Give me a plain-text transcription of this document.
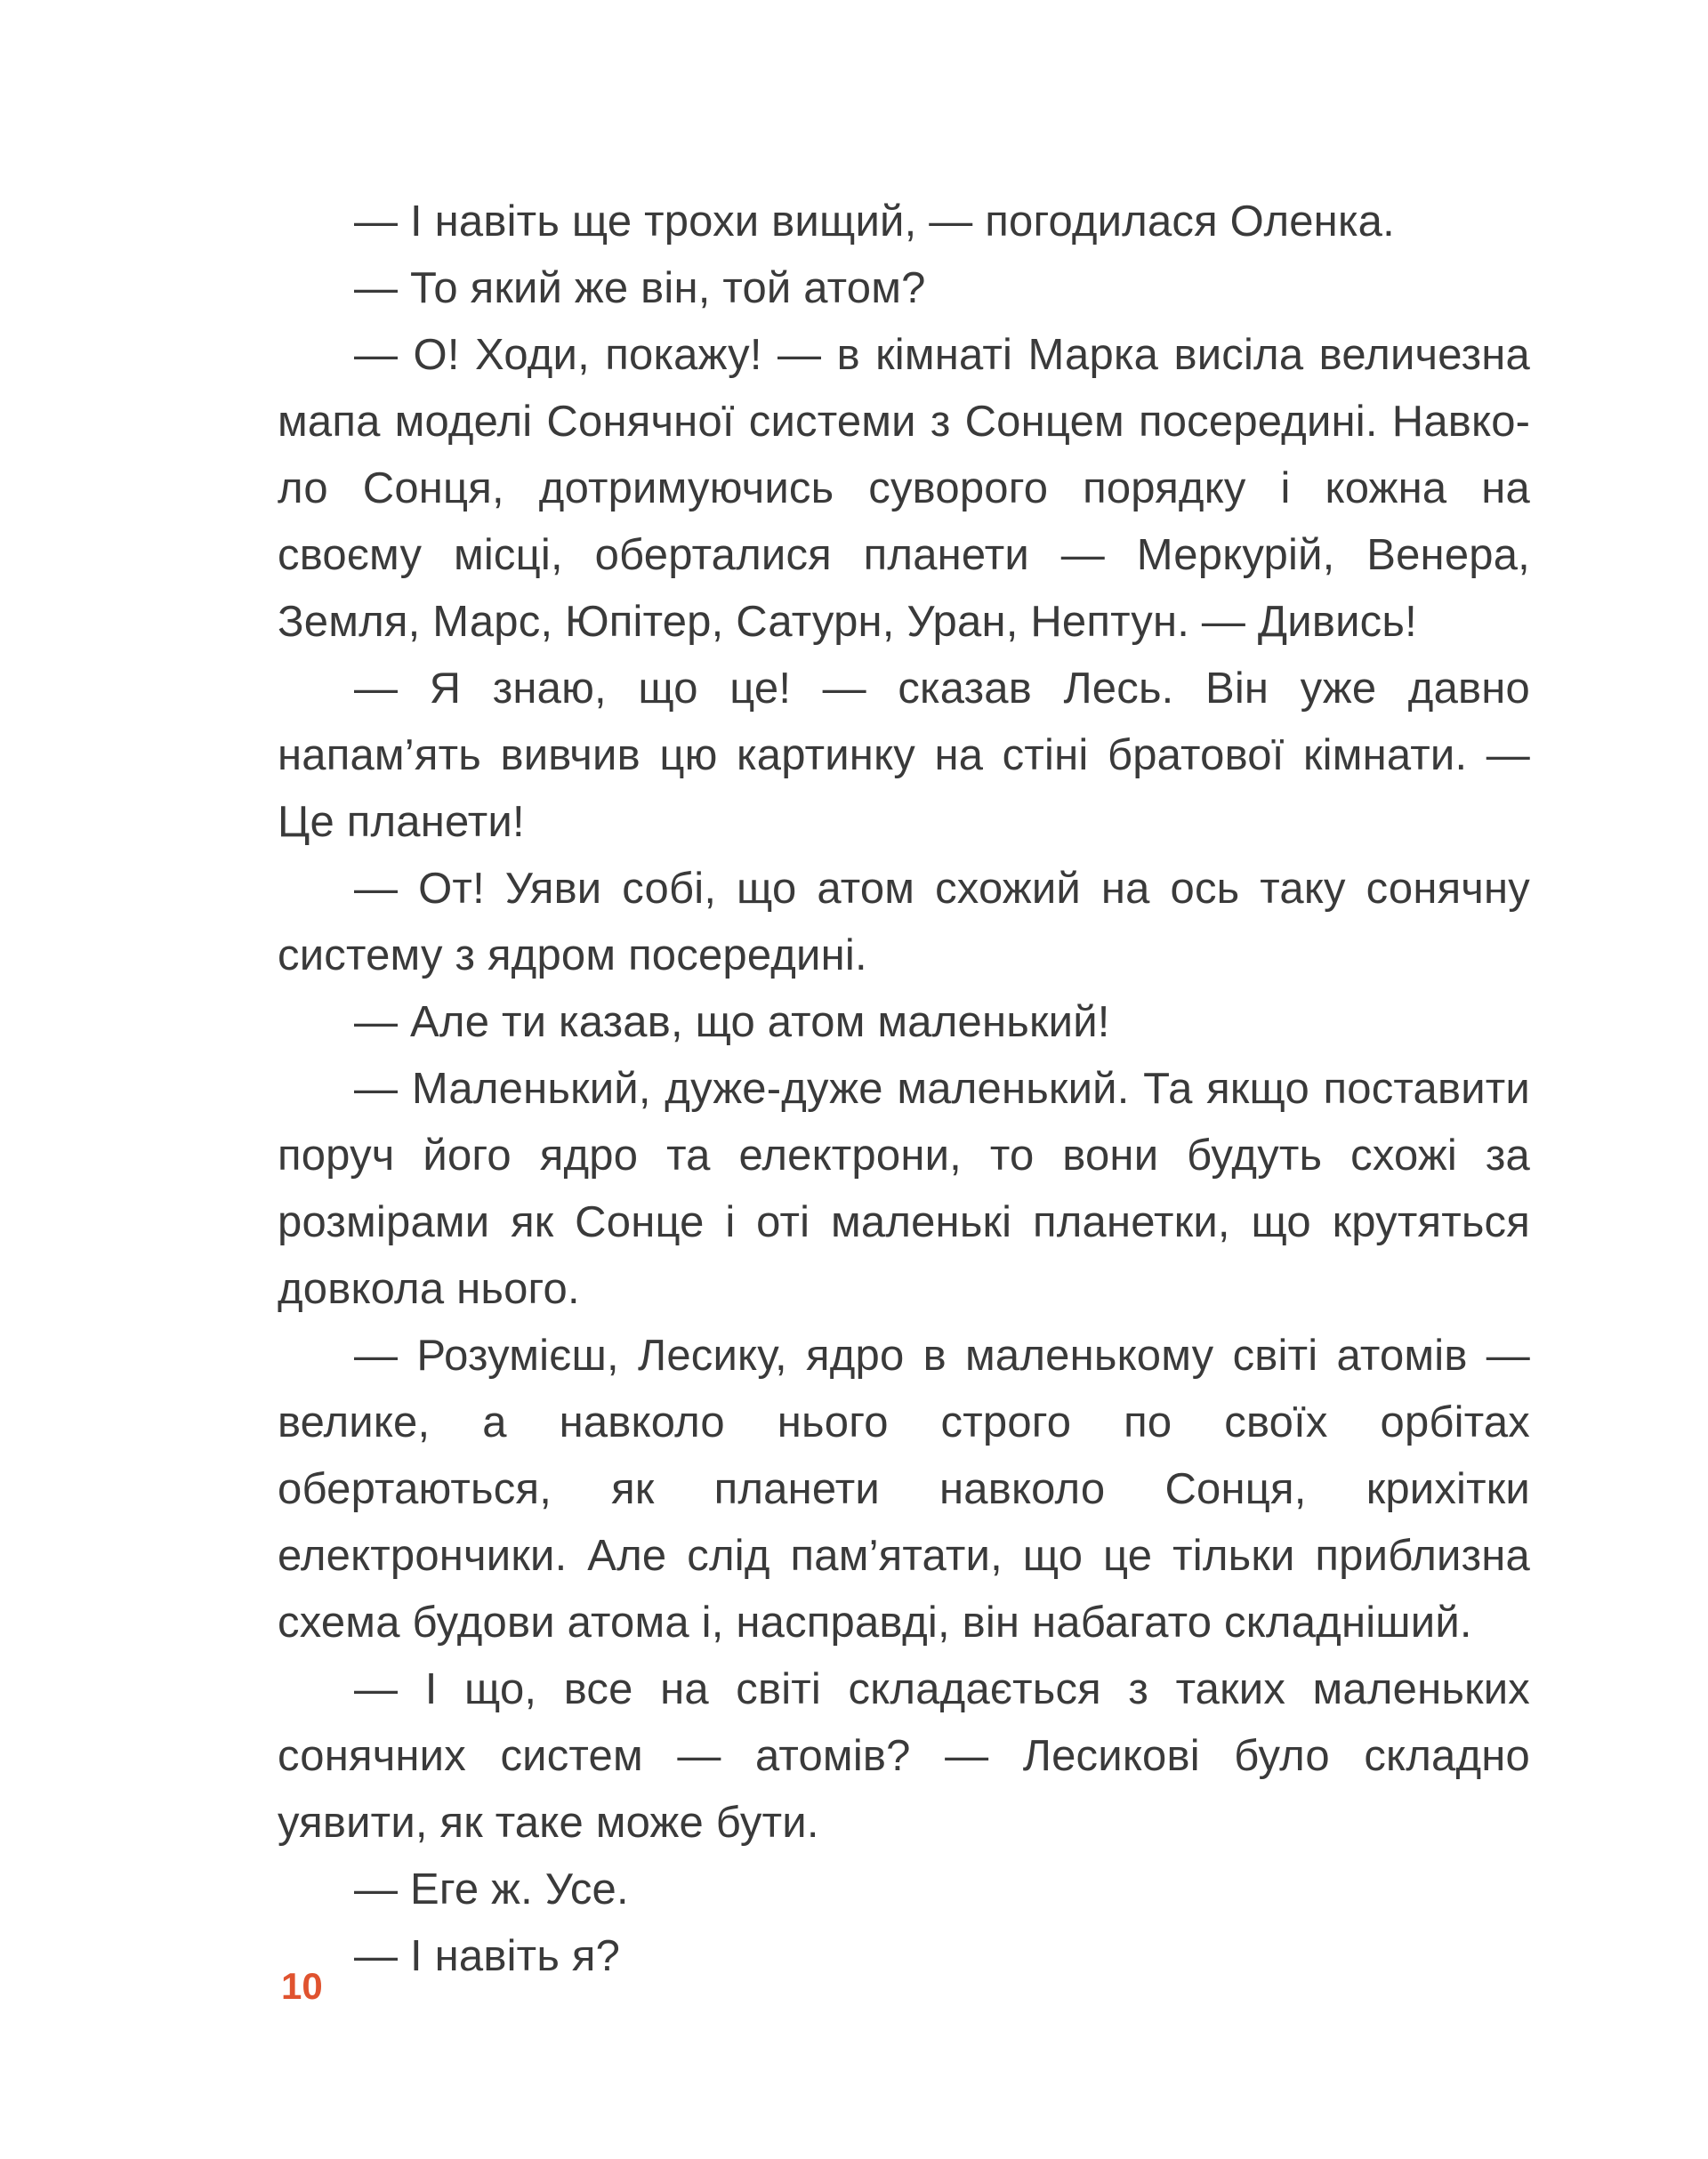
— І навіть ще трохи вищий, — погодилася Оленка.

— То який же він, той атом?

— О! Ходи, покажу! — в кімнаті Марка висіла величезна мапа моделі Сонячної системи з Сонцем посередині. Навколо Сонця, дотримуючись суворого порядку і кожна на своєму місці, оберталися планети — Меркурій, Венера, Земля, Марс, Юпітер, Сатурн, Уран, Нептун. — Дивись!

— Я знаю, що це! — сказав Лесь. Він уже давно напам’ять вивчив цю картинку на стіні братової кімнати. — Це планети!

— От! Уяви собі, що атом схожий на ось таку сонячну систему з ядром посередині.

— Але ти казав, що атом маленький!

— Маленький, дуже-дуже маленький. Та якщо поставити поруч його ядро та електрони, то вони будуть схожі за розмірами як Сонце і оті маленькі планетки, що крутяться довкола нього.

— Розумієш, Лесику, ядро в маленькому світі атомів — велике, а навколо нього строго по своїх орбітах обертаються, як планети навколо Сонця, крихітки електрончики. Але слід пам’ятати, що це тільки приблизна схема будови атома і, насправді, він набагато складніший.

— І що, все на світі складається з таких маленьких сонячних систем — атомів? — Лесикові було складно уявити, як таке може бути.

— Еге ж. Усе.

— І навіть я?

10
